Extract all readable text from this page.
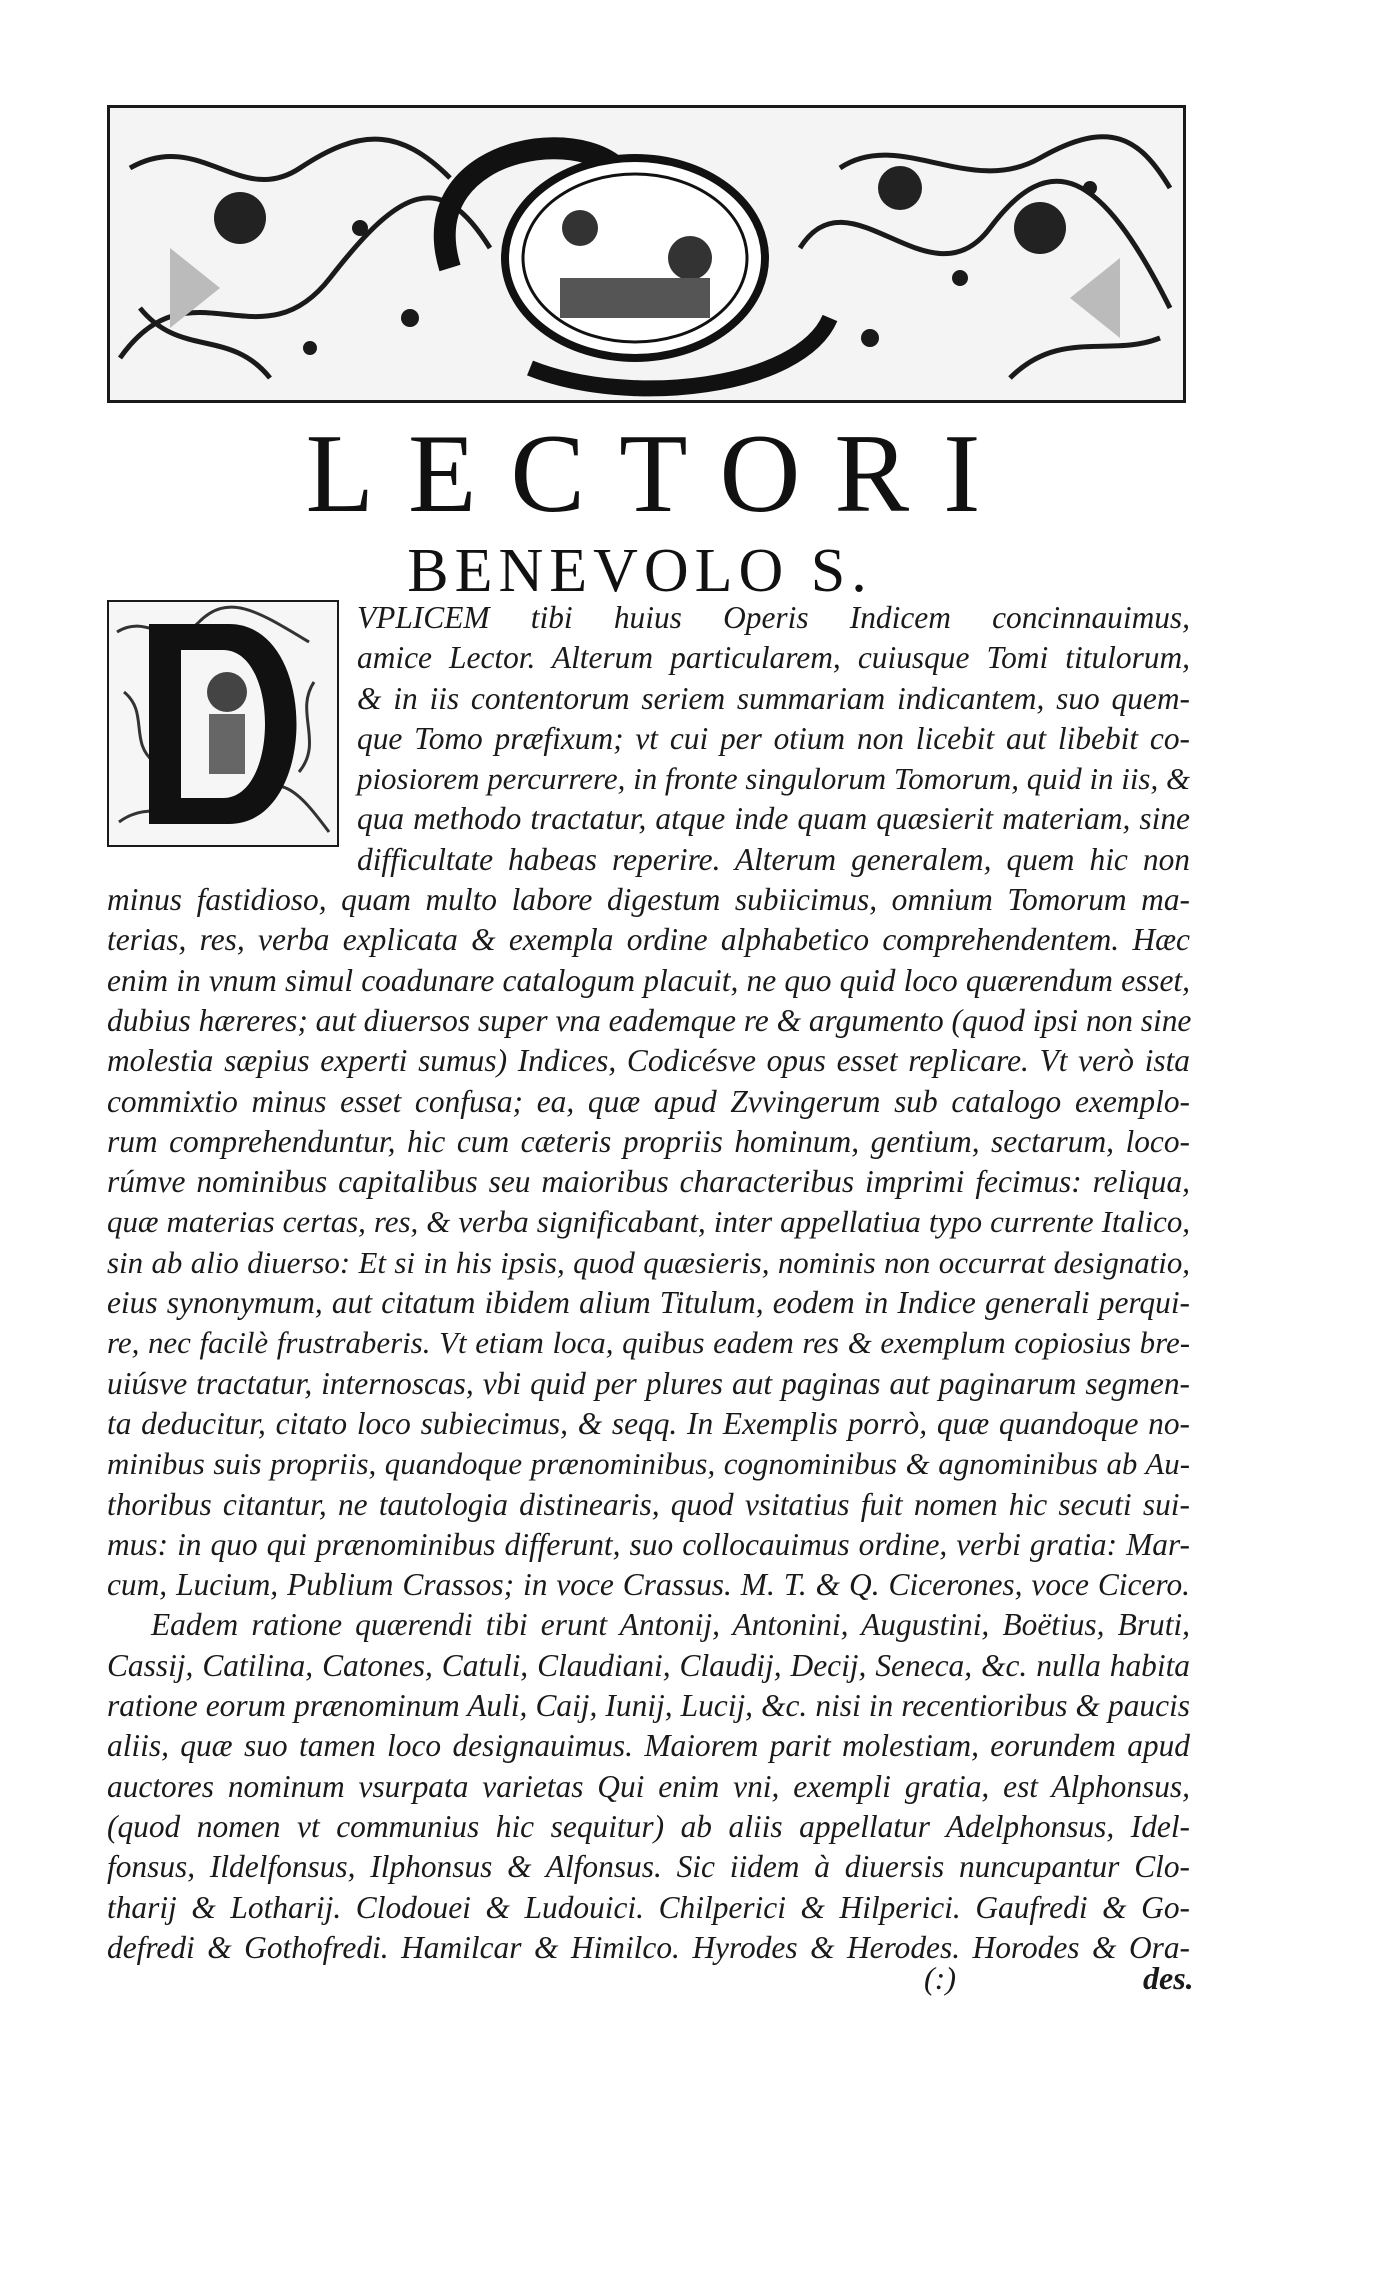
LECTORI
BENEVOLO S.
VPLICEM tibi huius Operis Indicem concinnauimus,
amice Lector. Alterum particularem, cuiusque Tomi titulorum,
& in iis contentorum seriem summariam indicantem, suo quem-
que Tomo præfixum; vt cui per otium non licebit aut libebit co-
piosiorem percurrere, in fronte singulorum Tomorum, quid in iis, &
qua methodo tractatur, atque inde quam quæsierit materiam, sine
difficultate habeas reperire. Alterum generalem, quem hic non
minus fastidioso, quam multo labore digestum subiicimus, omnium Tomorum ma-
terias, res, verba explicata & exempla ordine alphabetico comprehendentem. Hæc
enim in vnum simul coadunare catalogum placuit, ne quo quid loco quærendum esset,
dubius hæreres; aut diuersos super vna eademque re & argumento (quod ipsi non sine
molestia sæpius experti sumus) Indices, Codicésve opus esset replicare. Vt verò ista
commixtio minus esset confusa; ea, quæ apud Zvvingerum sub catalogo exemplo-
rum comprehenduntur, hic cum cæteris propriis hominum, gentium, sectarum, loco-
rúmve nominibus capitalibus seu maioribus characteribus imprimi fecimus: reliqua,
quæ materias certas, res, & verba significabant, inter appellatiua typo currente Italico,
sin ab alio diuerso: Et si in his ipsis, quod quæsieris, nominis non occurrat designatio,
eius synonymum, aut citatum ibidem alium Titulum, eodem in Indice generali perqui-
re, nec facilè frustraberis. Vt etiam loca, quibus eadem res & exemplum copiosius bre-
uiúsve tractatur, internoscas, vbi quid per plures aut paginas aut paginarum segmen-
ta deducitur, citato loco subiecimus, & seqq. In Exemplis porrò, quæ quandoque no-
minibus suis propriis, quandoque prænominibus, cognominibus & agnominibus ab Au-
thoribus citantur, ne tautologia distinearis, quod vsitatius fuit nomen hic secuti sui-
mus: in quo qui prænominibus differunt, suo collocauimus ordine, verbi gratia: Mar-
cum, Lucium, Publium Crassos; in voce Crassus. M. T. & Q. Cicerones, voce Cicero.
Eadem ratione quærendi tibi erunt Antonij, Antonini, Augustini, Boëtius, Bruti,
Cassij, Catilina, Catones, Catuli, Claudiani, Claudij, Decij, Seneca, &c. nulla habita
ratione eorum prænominum Auli, Caij, Iunij, Lucij, &c. nisi in recentioribus & paucis
aliis, quæ suo tamen loco designauimus. Maiorem parit molestiam, eorundem apud
auctores nominum vsurpata varietas Qui enim vni, exempli gratia, est Alphonsus,
(quod nomen vt communius hic sequitur) ab aliis appellatur Adelphonsus, Idel-
fonsus, Ildelfonsus, Ilphonsus & Alfonsus. Sic iidem à diuersis nuncupantur Clo-
tharij & Lotharij. Clodouei & Ludouici. Chilperici & Hilperici. Gaufredi & Go-
defredi & Gothofredi. Hamilcar & Himilco. Hyrodes & Herodes. Horodes & Ora-
(:)	des.
